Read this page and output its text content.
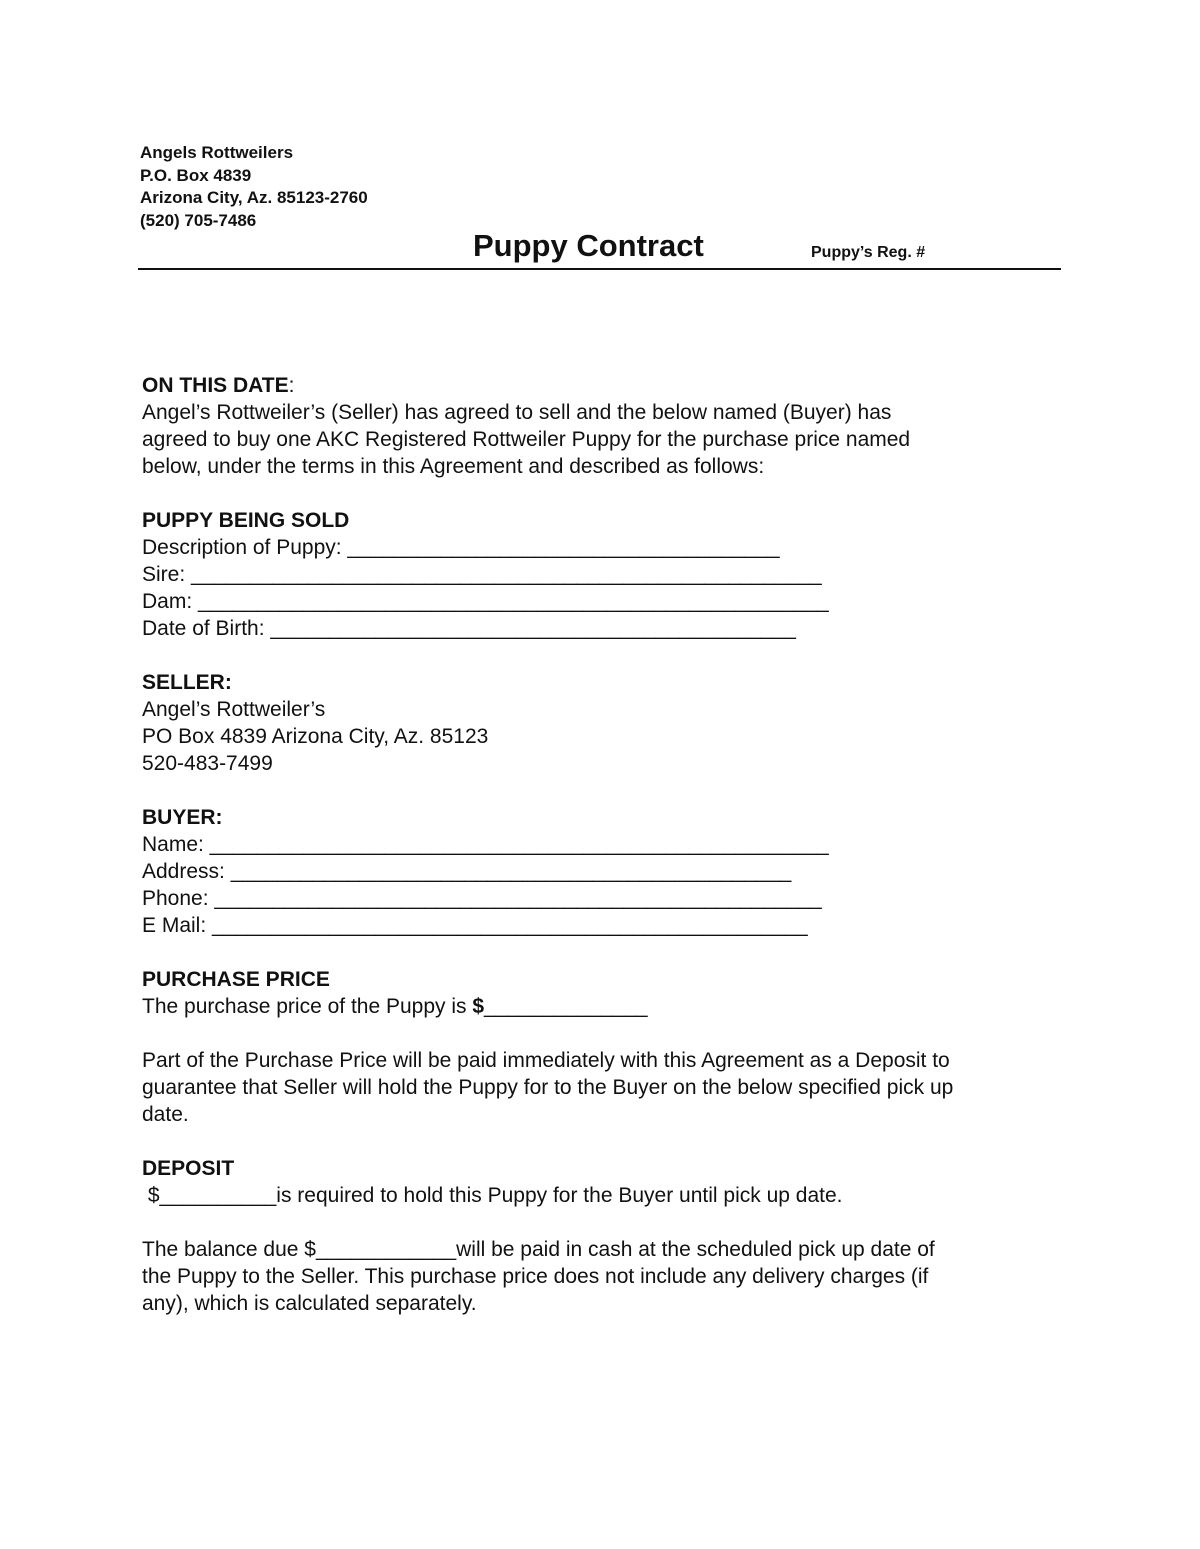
Angels Rottweilers
P.O. Box 4839
Arizona City, Az. 85123-2760
(520) 705-7486
Puppy Contract	Puppy’s Reg. #
ON THIS DATE:
Angel’s Rottweiler’s (Seller) has agreed to sell and the below named (Buyer) has
agreed to buy one AKC Registered Rottweiler Puppy for the purchase price named
below, under the terms in this Agreement and described as follows:
PUPPY BEING SOLD
Description of Puppy: _____________________________________
Sire: ______________________________________________________
Dam: ______________________________________________________
Date of Birth: _____________________________________________
SELLER:
Angel’s Rottweiler’s
PO Box 4839 Arizona City, Az. 85123
520-483-7499
BUYER:
Name: _____________________________________________________
Address: ________________________________________________
Phone: ____________________________________________________
E Mail: ___________________________________________________
PURCHASE PRICE
The purchase price of the Puppy is $______________
Part of the Purchase Price will be paid immediately with this Agreement as a Deposit to
guarantee that Seller will hold the Puppy for to the Buyer on the below specified pick up
date.
DEPOSIT
$__________is required to hold this Puppy for the Buyer until pick up date.
The balance due $____________will be paid in cash at the scheduled pick up date of
the Puppy to the Seller. This purchase price does not include any delivery charges (if
any), which is calculated separately.
